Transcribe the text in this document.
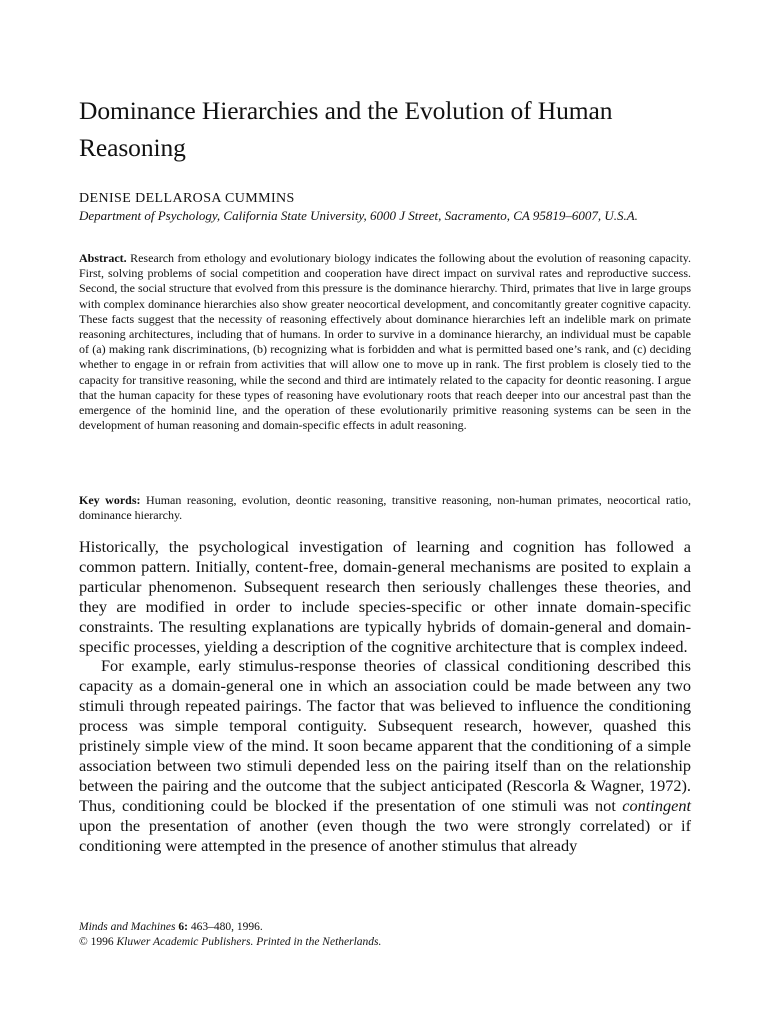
Dominance Hierarchies and the Evolution of Human Reasoning
DENISE DELLAROSA CUMMINS
Department of Psychology, California State University, 6000 J Street, Sacramento, CA 95819–6007, U.S.A.

Abstract. Research from ethology and evolutionary biology indicates the following about the evolution of reasoning capacity. First, solving problems of social competition and cooperation have direct impact on survival rates and reproductive success. Second, the social structure that evolved from this pressure is the dominance hierarchy. Third, primates that live in large groups with complex dominance hierarchies also show greater neocortical development, and concomitantly greater cognitive capacity. These facts suggest that the necessity of reasoning effectively about dominance hierarchies left an indelible mark on primate reasoning architectures, including that of humans. In order to survive in a dominance hierarchy, an individual must be capable of (a) making rank discriminations, (b) recognizing what is forbidden and what is permitted based one’s rank, and (c) deciding whether to engage in or refrain from activities that will allow one to move up in rank. The first problem is closely tied to the capacity for transitive reasoning, while the second and third are intimately related to the capacity for deontic reasoning. I argue that the human capacity for these types of reasoning have evolutionary roots that reach deeper into our ancestral past than the emergence of the hominid line, and the operation of these evolutionarily primitive reasoning systems can be seen in the development of human reasoning and domain-specific effects in adult reasoning.

Key words: Human reasoning, evolution, deontic reasoning, transitive reasoning, non-human primates, neocortical ratio, dominance hierarchy.

Historically, the psychological investigation of learning and cognition has followed a common pattern. Initially, content-free, domain-general mechanisms are posited to explain a particular phenomenon. Subsequent research then seriously challenges these theories, and they are modified in order to include species-specific or other innate domain-specific constraints. The resulting explanations are typically hybrids of domain-general and domain-specific processes, yielding a description of the cognitive architecture that is complex indeed.

For example, early stimulus-response theories of classical conditioning described this capacity as a domain-general one in which an association could be made between any two stimuli through repeated pairings. The factor that was believed to influence the conditioning process was simple temporal contiguity. Subsequent research, however, quashed this pristinely simple view of the mind. It soon became apparent that the conditioning of a simple association between two stimuli depended less on the pairing itself than on the relationship between the pairing and the outcome that the subject anticipated (Rescorla & Wagner, 1972). Thus, conditioning could be blocked if the presentation of one stimuli was not contingent upon the presentation of another (even though the two were strongly correlated) or if conditioning were attempted in the presence of another stimulus that already

Minds and Machines 6: 463–480, 1996.
© 1996 Kluwer Academic Publishers. Printed in the Netherlands.
